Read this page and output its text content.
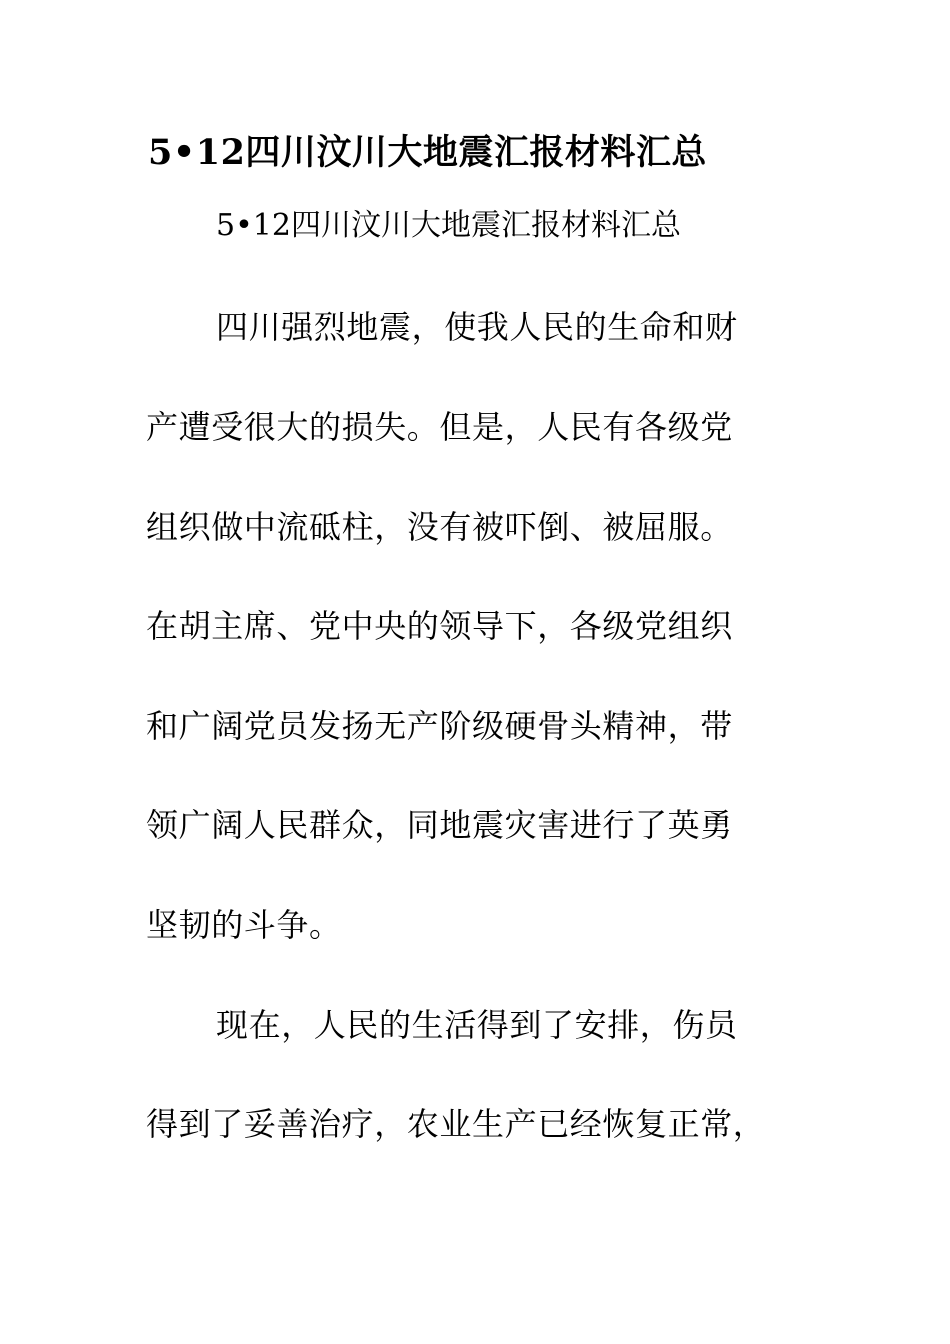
5•12四川汶川大地震汇报材料汇总
5•12四川汶川大地震汇报材料汇总
四川强烈地震，使我人民的生命和财
产遭受很大的损失。但是，人民有各级党
组织做中流砥柱，没有被吓倒、被屈服。
在胡主席、党中央的领导下，各级党组织
和广阔党员发扬无产阶级硬骨头精神，带
领广阔人民群众，同地震灾害进行了英勇
坚韧的斗争。
现在，人民的生活得到了安排，伤员
得到了妥善治疗，农业生产已经恢复正常，
